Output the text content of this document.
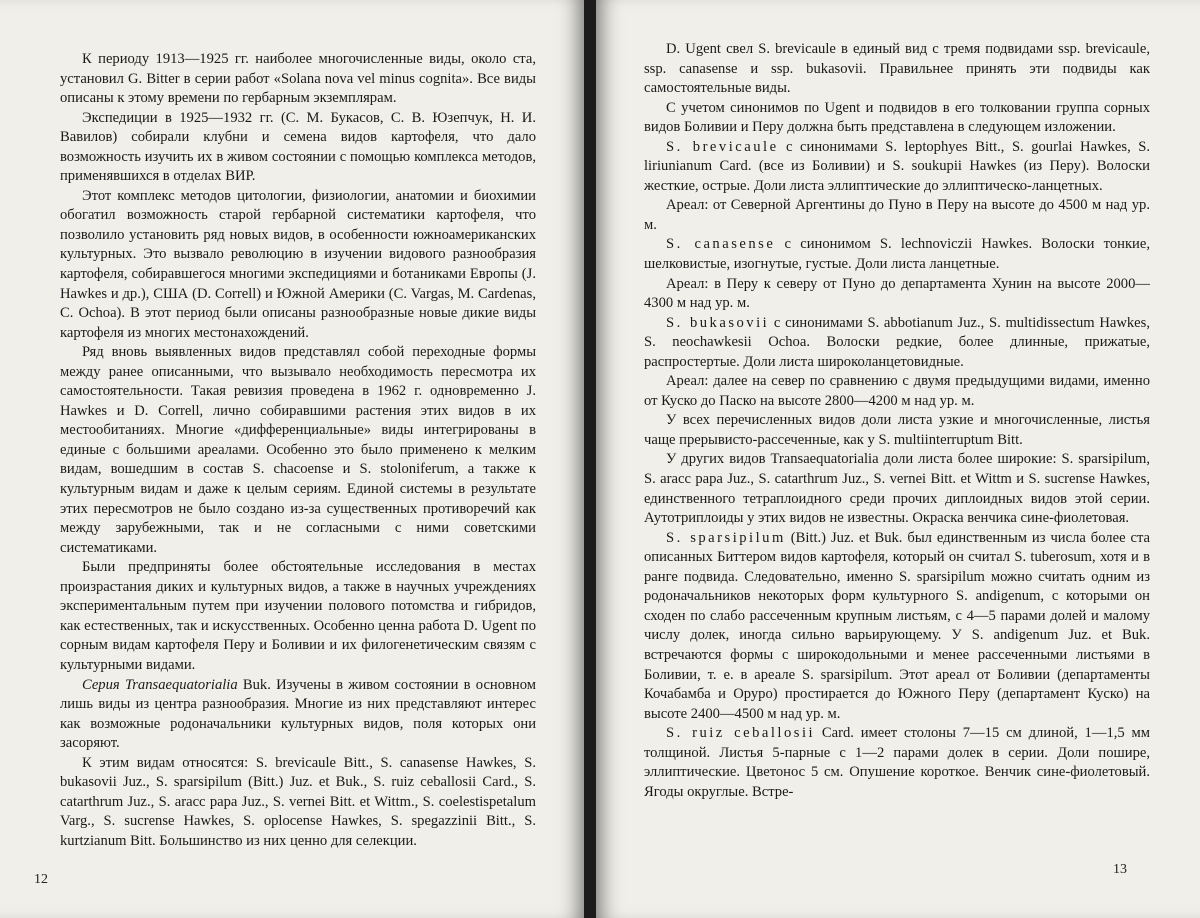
К периоду 1913—1925 гг. наиболее многочисленные виды, около ста, установил G. Bitter в серии работ «Solana nova vel minus cognita». Все виды описаны к этому времени по гербарным экземплярам.

Экспедиции в 1925—1932 гг. (С. М. Букасов, С. В. Юзепчук, Н. И. Вавилов) собирали клубни и семена видов картофеля, что дало возможность изучить их в живом состоянии с помощью комплекса методов, применявшихся в отделах ВИР.

Этот комплекс методов цитологии, физиологии, анатомии и биохимии обогатил возможность старой гербарной систематики картофеля, что позволило установить ряд новых видов, в особенности южноамериканских культурных. Это вызвало революцию в изучении видового разнообразия картофеля, собиравшегося многими экспедициями и ботаниками Европы (J. Hawkes и др.), США (D. Correll) и Южной Америки (C. Vargas, M. Cardenas, C. Ochoa). В этот период были описаны разнообразные новые дикие виды картофеля из многих местонахождений.

Ряд вновь выявленных видов представлял собой переходные формы между ранее описанными, что вызывало необходимость пересмотра их самостоятельности. Такая ревизия проведена в 1962 г. одновременно J. Hawkes и D. Correll, лично собиравшими растения этих видов в их местообитаниях. Многие «дифференциальные» виды интегрированы в единые с большими ареалами. Особенно это было применено к мелким видам, вошедшим в состав S. chacoense и S. stoloniferum, а также к культурным видам и даже к целым сериям. Единой системы в результате этих пересмотров не было создано из-за существенных противоречий как между зарубежными, так и не согласными с ними советскими систематиками.

Были предприняты более обстоятельные исследования в местах произрастания диких и культурных видов, а также в научных учреждениях экспериментальным путем при изучении полового потомства и гибридов, как естественных, так и искусственных. Особенно ценна работа D. Ugent по сорным видам картофеля Перу и Боливии и их филогенетическим связям с культурными видами.

Серия Transaequatorialia Buk. Изучены в живом состоянии в основном лишь виды из центра разнообразия. Многие из них представляют интерес как возможные родоначальники культурных видов, поля которых они засоряют.

К этим видам относятся: S. brevicaule Bitt., S. canasense Hawkes, S. bukasovii Juz., S. sparsipilum (Bitt.) Juz. et Buk., S. ruiz ceballosii Card., S. catarthrum Juz., S. aracc papa Juz., S. vernei Bitt. et Wittm., S. coelestispetalum Varg., S. sucrense Hawkes, S. oplocense Hawkes, S. spegazzinii Bitt., S. kurtzianum Bitt. Большинство из них ценно для селекции.

12

D. Ugent свел S. brevicaule в единый вид с тремя подвидами ssp. brevicaule, ssp. canasense и ssp. bukasovii. Правильнее принять эти подвиды как самостоятельные виды.

С учетом синонимов по Ugent и подвидов в его толковании группа сорных видов Боливии и Перу должна быть представлена в следующем изложении.

S. brevicaule с синонимами S. leptophyes Bitt., S. gourlai Hawkes, S. liriunianum Card. (все из Боливии) и S. soukupii Hawkes (из Перу). Волоски жесткие, острые. Доли листа эллиптические до эллиптическо-ланцетных.

Ареал: от Северной Аргентины до Пуно в Перу на высоте до 4500 м над ур. м.

S. canasense с синонимом S. lechnoviczii Hawkes. Волоски тонкие, шелковистые, изогнутые, густые. Доли листа ланцетные.

Ареал: в Перу к северу от Пуно до департамента Хунин на высоте 2000—4300 м над ур. м.

S. bukasovii с синонимами S. abbotianum Juz., S. multidissectum Hawkes, S. neochawkesii Ochoa. Волоски редкие, более длинные, прижатые, распростертые. Доли листа широколанцетовидные.

Ареал: далее на север по сравнению с двумя предыдущими видами, именно от Куско до Паско на высоте 2800—4200 м над ур. м.

У всех перечисленных видов доли листа узкие и многочисленные, листья чаще прерывисто-рассеченные, как у S. multiinterruptum Bitt.

У других видов Transaequatorialia доли листа более широкие: S. sparsipilum, S. aracc papa Juz., S. catarthrum Juz., S. vernei Bitt. et Wittm и S. sucrense Hawkes, единственного тетраплоидного среди прочих диплоидных видов этой серии. Аутотриплоиды у этих видов не известны. Окраска венчика сине-фиолетовая.

S. sparsipilum (Bitt.) Juz. et Buk. был единственным из числа более ста описанных Биттером видов картофеля, который он считал S. tuberosum, хотя и в ранге подвида. Следовательно, именно S. sparsipilum можно считать одним из родоначальников некоторых форм культурного S. andigenum, с которыми он сходен по слабо рассеченным крупным листьям, с 4—5 парами долей и малому числу долек, иногда сильно варьирующему. У S. andigenum Juz. et Buk. встречаются формы с широкодольными и менее рассеченными листьями в Боливии, т. е. в ареале S. sparsipilum. Этот ареал от Боливии (департаменты Кочабамба и Оруро) простирается до Южного Перу (департамент Куско) на высоте 2400—4500 м над ур. м.

S. ruiz ceballosii Card. имеет столоны 7—15 см длиной, 1—1,5 мм толщиной. Листья 5-парные с 1—2 парами долек в серии. Доли пошире, эллиптические. Цветонос 5 см. Опушение короткое. Венчик сине-фиолетовый. Ягоды округлые. Встре-

13
